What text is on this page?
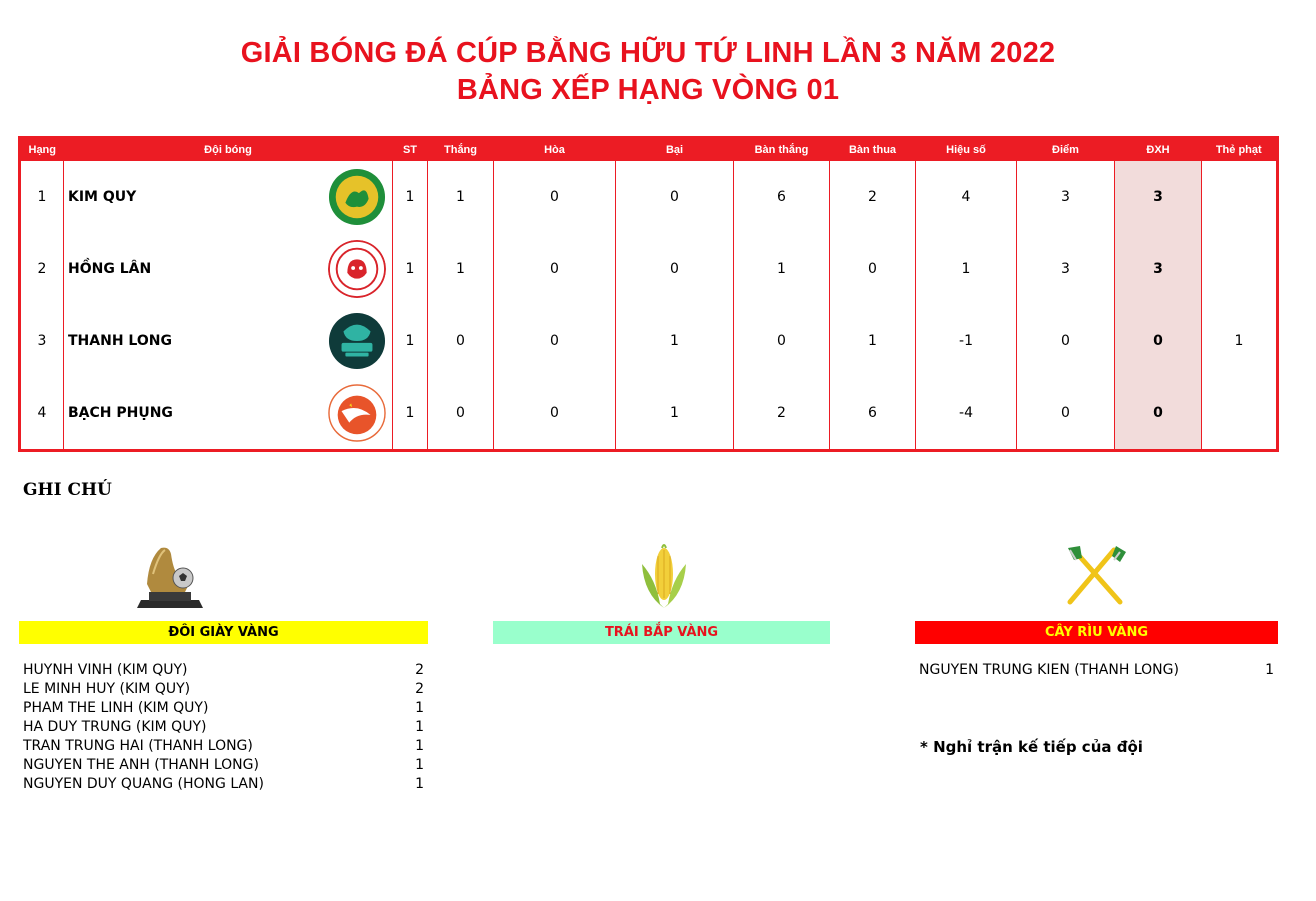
GIẢI BÓNG ĐÁ CÚP BẰNG HỮU TỨ LINH LẦN 3 NĂM 2022
BẢNG XẾP HẠNG VÒNG 01
Hạng	Đội bóng	ST	Thắng	Hòa	Bại	Bàn thắng	Bàn thua	Hiệu số	Điểm	ĐXH	Thẻ phạt
1	KIM QUY	1	1	0	0	6	2	4	3	3	
2	HỒNG LÂN	1	1	0	0	1	0	1	3	3	
3	THANH LONG	1	0	0	1	0	1	-1	0	0	1
4	BẠCH PHỤNG	1	0	0	1	2	6	-4	0	0	
GHI CHÚ
ĐÔI GIÀY VÀNG	TRÁI BẮP VÀNG	CÂY RÌU VÀNG
HUYNH VINH (KIM QUY)	2
LE MINH HUY (KIM QUY)	2
PHAM THE LINH (KIM QUY)	1
HA DUY TRUNG (KIM QUY)	1
TRAN TRUNG HAI (THANH LONG)	1
NGUYEN THE ANH (THANH LONG)	1
NGUYEN DUY QUANG (HONG LAN)	1
NGUYEN TRUNG KIEN (THANH LONG)	1
* Nghỉ trận kế tiếp của đội
